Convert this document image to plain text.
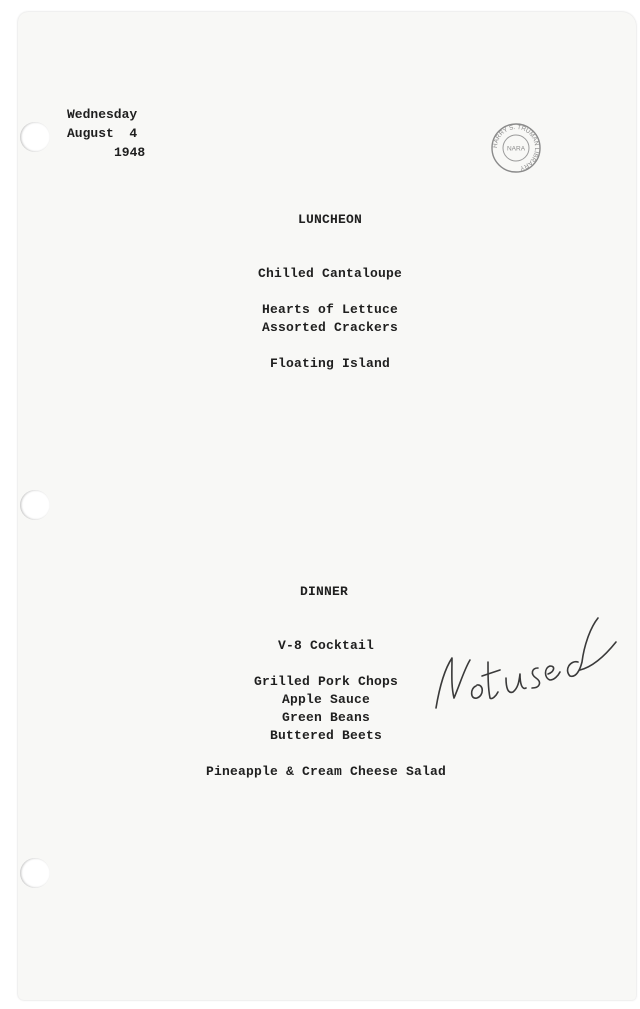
Wednesday
August  4
1948	HARRY S. TRUMAN LIBRARY
NARA
LUNCHEON
Chilled Cantaloupe
Hearts of Lettuce
Assorted Crackers
Floating Island
DINNER
V-8 Cocktail
Grilled Pork Chops
Apple Sauce
Green Beans
Buttered Beets
Pineapple & Cream Cheese Salad
